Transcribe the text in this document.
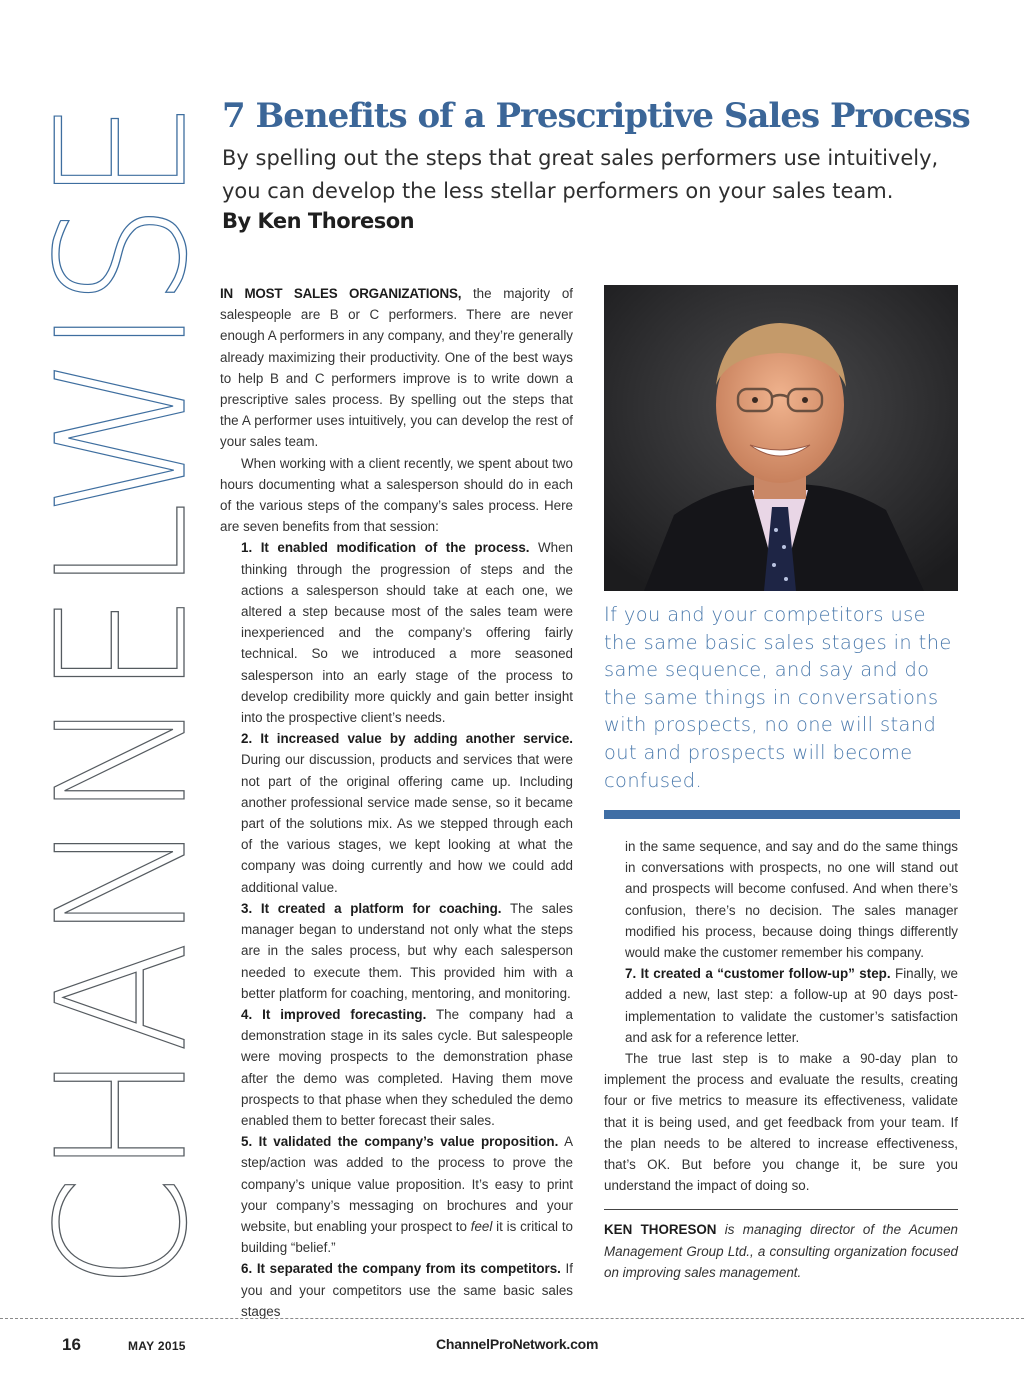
CHANNELWISE
7 Benefits of a Prescriptive Sales Process

By spelling out the steps that great sales performers use intuitively, you can develop the less stellar performers on your sales team.

By Ken Thoreson

IN MOST SALES ORGANIZATIONS, the majority of salespeople are B or C performers. There are never enough A performers in any company, and they’re generally already maximizing their productivity. One of the best ways to help B and C performers improve is to write down a prescriptive sales process. By spelling out the steps that the A performer uses intuitively, you can develop the rest of your sales team.

When working with a client recently, we spent about two hours documenting what a salesperson should do in each of the various steps of the company’s sales process. Here are seven benefits from that session:

1. It enabled modification of the process. When thinking through the progression of steps and the actions a salesperson should take at each one, we altered a step because most of the sales team were inexperienced and the company’s offering fairly technical. So we introduced a more seasoned salesperson into an early stage of the process to develop credibility more quickly and gain better insight into the prospective client’s needs.

2. It increased value by adding another service. During our discussion, products and services that were not part of the original offering came up. Including another professional service made sense, so it became part of the solutions mix. As we stepped through each of the various stages, we kept looking at what the company was doing currently and how we could add additional value.

3. It created a platform for coaching. The sales manager began to understand not only what the steps are in the sales process, but why each salesperson needed to execute them. This provided him with a better platform for coaching, mentoring, and monitoring.

4. It improved forecasting. The company had a demonstration stage in its sales cycle. But salespeople were moving prospects to the demonstration phase after the demo was completed. Having them move prospects to that phase when they scheduled the demo enabled them to better forecast their sales.

5. It validated the company’s value proposition. A step/action was added to the process to prove the company’s unique value proposition. It’s easy to print your company’s messaging on brochures and your website, but enabling your prospect to feel it is critical to building “belief.”

6. It separated the company from its competitors. If you and your competitors use the same basic sales stages

If you and your competitors use the same basic sales stages in the same sequence, and say and do the same things in conversations with prospects, no one will stand out and prospects will become confused.

in the same sequence, and say and do the same things in conversations with prospects, no one will stand out and prospects will become confused. And when there’s confusion, there’s no decision. The sales manager modified his process, because doing things differently would make the customer remember his company.

7. It created a “customer follow-up” step. Finally, we added a new, last step: a follow-up at 90 days post-implementation to validate the customer’s satisfaction and ask for a reference letter.

The true last step is to make a 90-day plan to implement the process and evaluate the results, creating four or five metrics to measure its effectiveness, validate that it is being used, and get feedback from your team. If the plan needs to be altered to increase effectiveness, that’s OK. But before you change it, be sure you understand the impact of doing so.

KEN THORESON is managing director of the Acumen Management Group Ltd., a consulting organization focused on improving sales management.

16	MAY 2015	ChannelProNetwork.com
